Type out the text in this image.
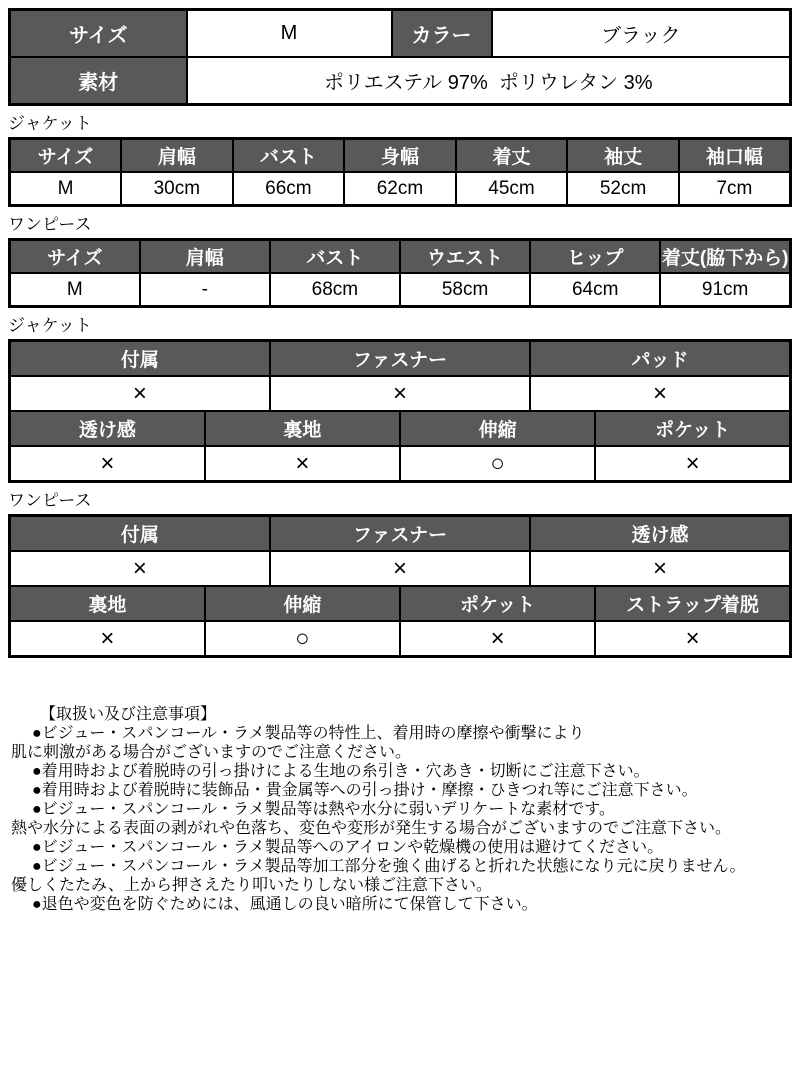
サイズ	M	カラー	ブラック
素材	ポリエステル 97%  ポリウレタン 3%		
ジャケット
サイズ	肩幅	バスト	身幅	着丈	袖丈	袖口幅
M	30cm	66cm	62cm	45cm	52cm	7cm
ワンピース
サイズ	肩幅	バスト	ウエスト	ヒップ	着丈(脇下から)
M	-	68cm	58cm	64cm	91cm
ジャケット
付属		ファスナー		パッド	
×		×		×	
透け感	裏地		伸縮		ポケット
×	×		○		×
ワンピース
付属		ファスナー		透け感	
×		×		×	
裏地	伸縮		ポケット		ストラップ着脱
×	○		×		×
【取扱い及び注意事項】
●ビジュー・スパンコール・ラメ製品等の特性上、着用時の摩擦や衝撃により
肌に刺激がある場合がございますのでご注意ください。
●着用時および着脱時の引っ掛けによる生地の糸引き・穴あき・切断にご注意下さい。
●着用時および着脱時に装飾品・貴金属等への引っ掛け・摩擦・ひきつれ等にご注意下さい。
●ビジュー・スパンコール・ラメ製品等は熱や水分に弱いデリケートな素材です。
熱や水分による表面の剥がれや色落ち、変色や変形が発生する場合がございますのでご注意下さい。
●ビジュー・スパンコール・ラメ製品等へのアイロンや乾燥機の使用は避けてください。
●ビジュー・スパンコール・ラメ製品等加工部分を強く曲げると折れた状態になり元に戻りません。
優しくたたみ、上から押さえたり叩いたりしない様ご注意下さい。
●退色や変色を防ぐためには、風通しの良い暗所にて保管して下さい。
